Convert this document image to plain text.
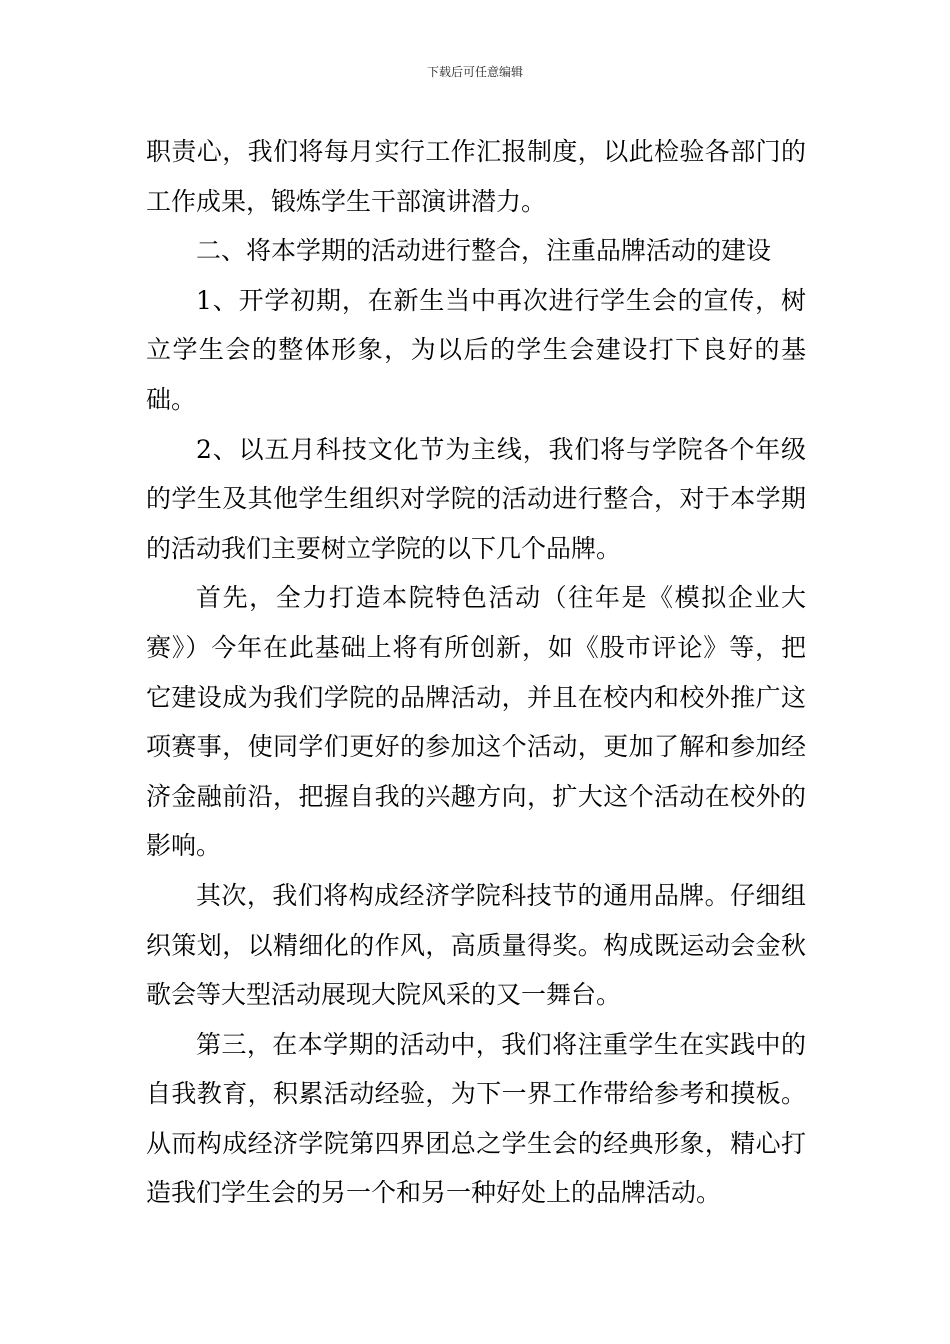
下载后可任意编辑

职责心，我们将每月实行工作汇报制度，以此检验各部门的工作成果，锻炼学生干部演讲潜力。

二、将本学期的活动进行整合，注重品牌活动的建设

1、开学初期，在新生当中再次进行学生会的宣传，树立学生会的整体形象，为以后的学生会建设打下良好的基础。

2、以五月科技文化节为主线，我们将与学院各个年级的学生及其他学生组织对学院的活动进行整合，对于本学期的活动我们主要树立学院的以下几个品牌。

首先，全力打造本院特色活动（往年是《模拟企业大赛》）今年在此基础上将有所创新，如《股市评论》等，把它建设成为我们学院的品牌活动，并且在校内和校外推广这项赛事，使同学们更好的参加这个活动，更加了解和参加经济金融前沿，把握自我的兴趣方向，扩大这个活动在校外的影响。

其次，我们将构成经济学院科技节的通用品牌。仔细组织策划，以精细化的作风，高质量得奖。构成既运动会金秋歌会等大型活动展现大院风采的又一舞台。

第三，在本学期的活动中，我们将注重学生在实践中的自我教育，积累活动经验，为下一界工作带给参考和摸板。从而构成经济学院第四界团总之学生会的经典形象，精心打造我们学生会的另一个和另一种好处上的品牌活动。
